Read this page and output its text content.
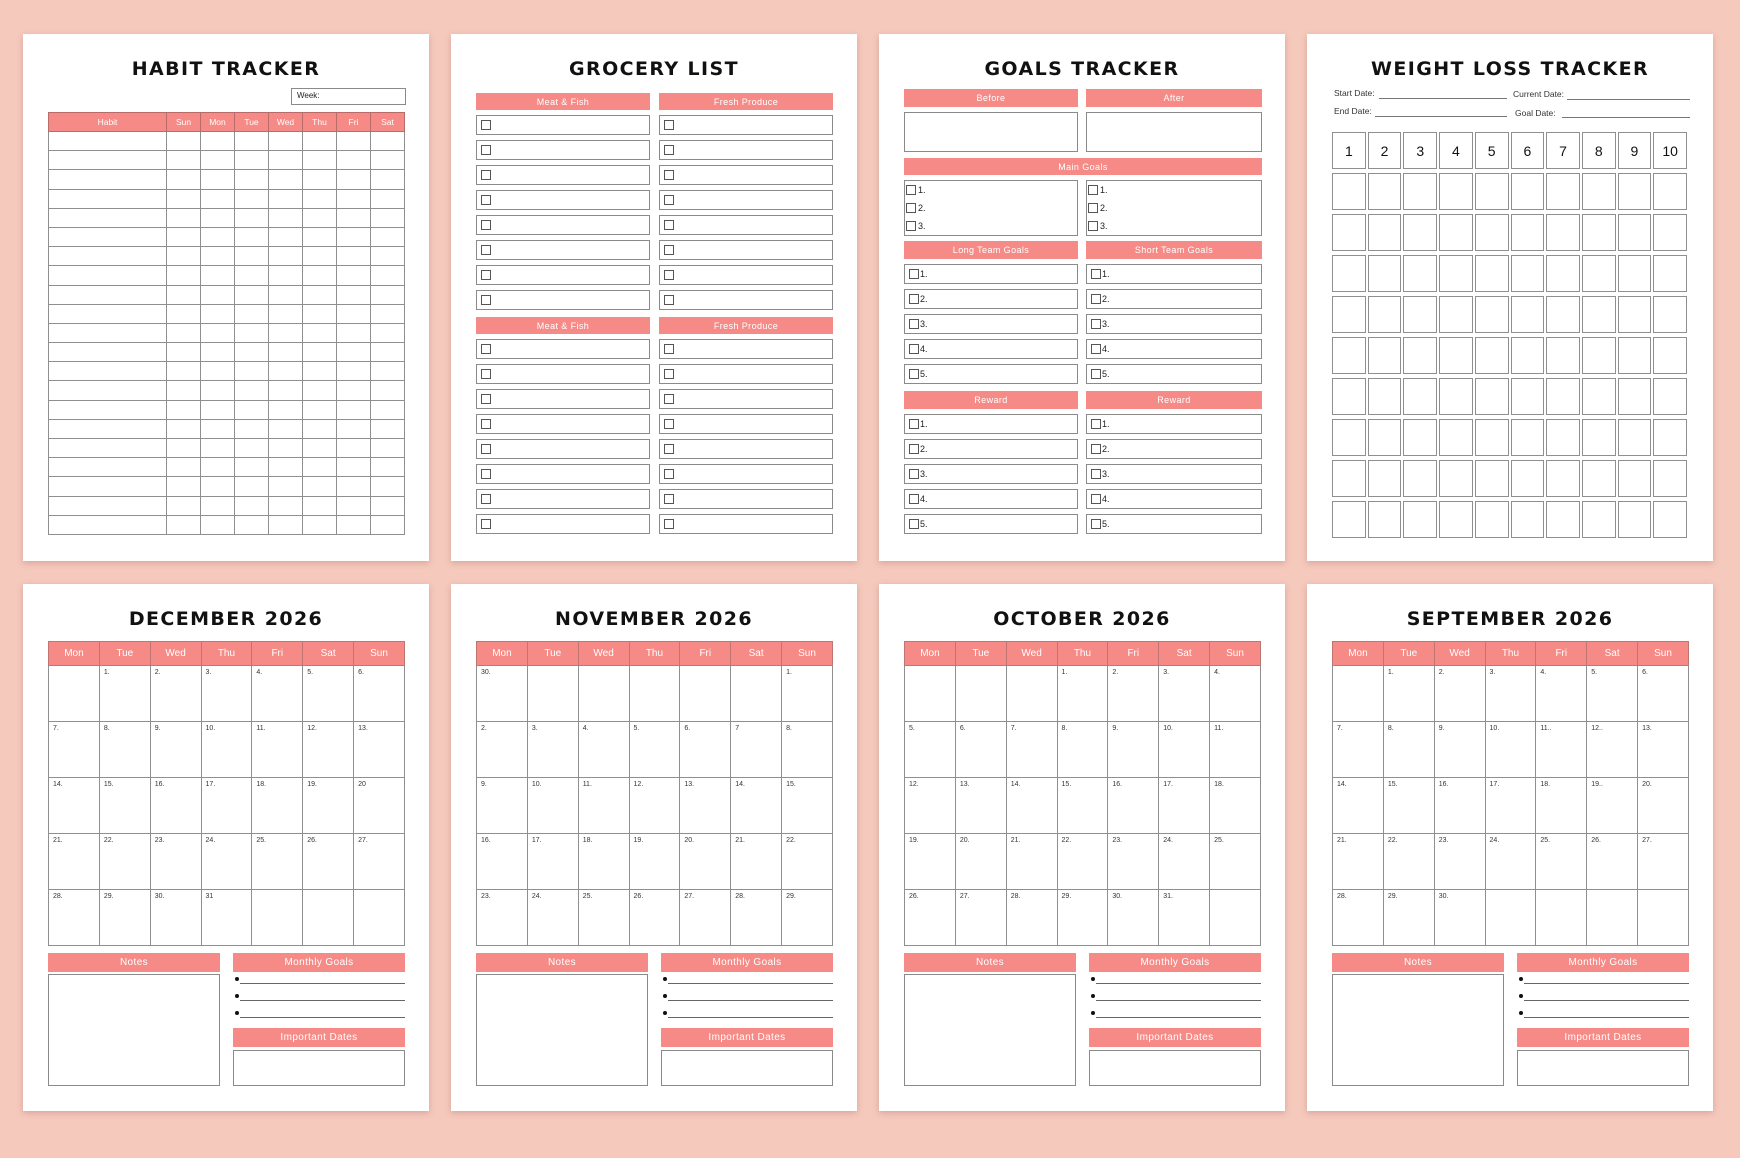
HABIT TRACKER
Week:
Habit	Sun	Mon	Tue	Wed	Thu	Fri	Sat

GROCERY LIST
Meat & Fish	Fresh Produce
Meat & Fish	Fresh Produce
GOALS TRACKER
Before	After
Main Goals
1.
2.
3.
1.
2.
3.
Long Team Goals	Short Team Goals
Reward	Reward
1.	1.
2.	2.
3.	3.
4.	4.
5.	5.
1.	1.
2.	2.
3.	3.
4.	4.
5.	5.
WEIGHT LOSS TRACKER
Start Date:	Current Date:
End Date:	Goal Date:
1	2	3	4	5	6	7	8	9	10
DECEMBER 2026
Mon	Tue	Wed	Thu	Fri	Sat	Sun
	1.	2.	3.	4.	5.	6.
7.	8.	9.	10.	11.	12.	13.
14.	15.	16.	17.	18.	19.	20
21.	22.	23.	24.	25.	26.	27.
28.	29.	30.	31			
Notes	Monthly Goals
Important Dates
NOVEMBER 2026
Mon	Tue	Wed	Thu	Fri	Sat	Sun
30.						1.
2.	3.	4.	5.	6.	7	8.
9.	10.	11.	12.	13.	14.	15.
16.	17.	18.	19.	20.	21.	22.
23.	24.	25.	26.	27.	28.	29.
Notes	Monthly Goals
Important Dates
OCTOBER 2026
Mon	Tue	Wed	Thu	Fri	Sat	Sun
			1.	2.	3.	4.
5.	6.	7.	8.	9.	10.	11.
12.	13.	14.	15.	16.	17.	18.
19.	20.	21.	22.	23.	24.	25.
26.	27.	28.	29.	30.	31.	
Notes	Monthly Goals
Important Dates
SEPTEMBER 2026
Mon	Tue	Wed	Thu	Fri	Sat	Sun
	1.	2.	3.	4.	5.	6.
7.	8.	9.	10.	11..	12..	13.
14.	15.	16.	17.	18.	19..	20.
21.	22.	23.	24.	25.	26.	27.
28.	29.	30.				
Notes	Monthly Goals
Important Dates
